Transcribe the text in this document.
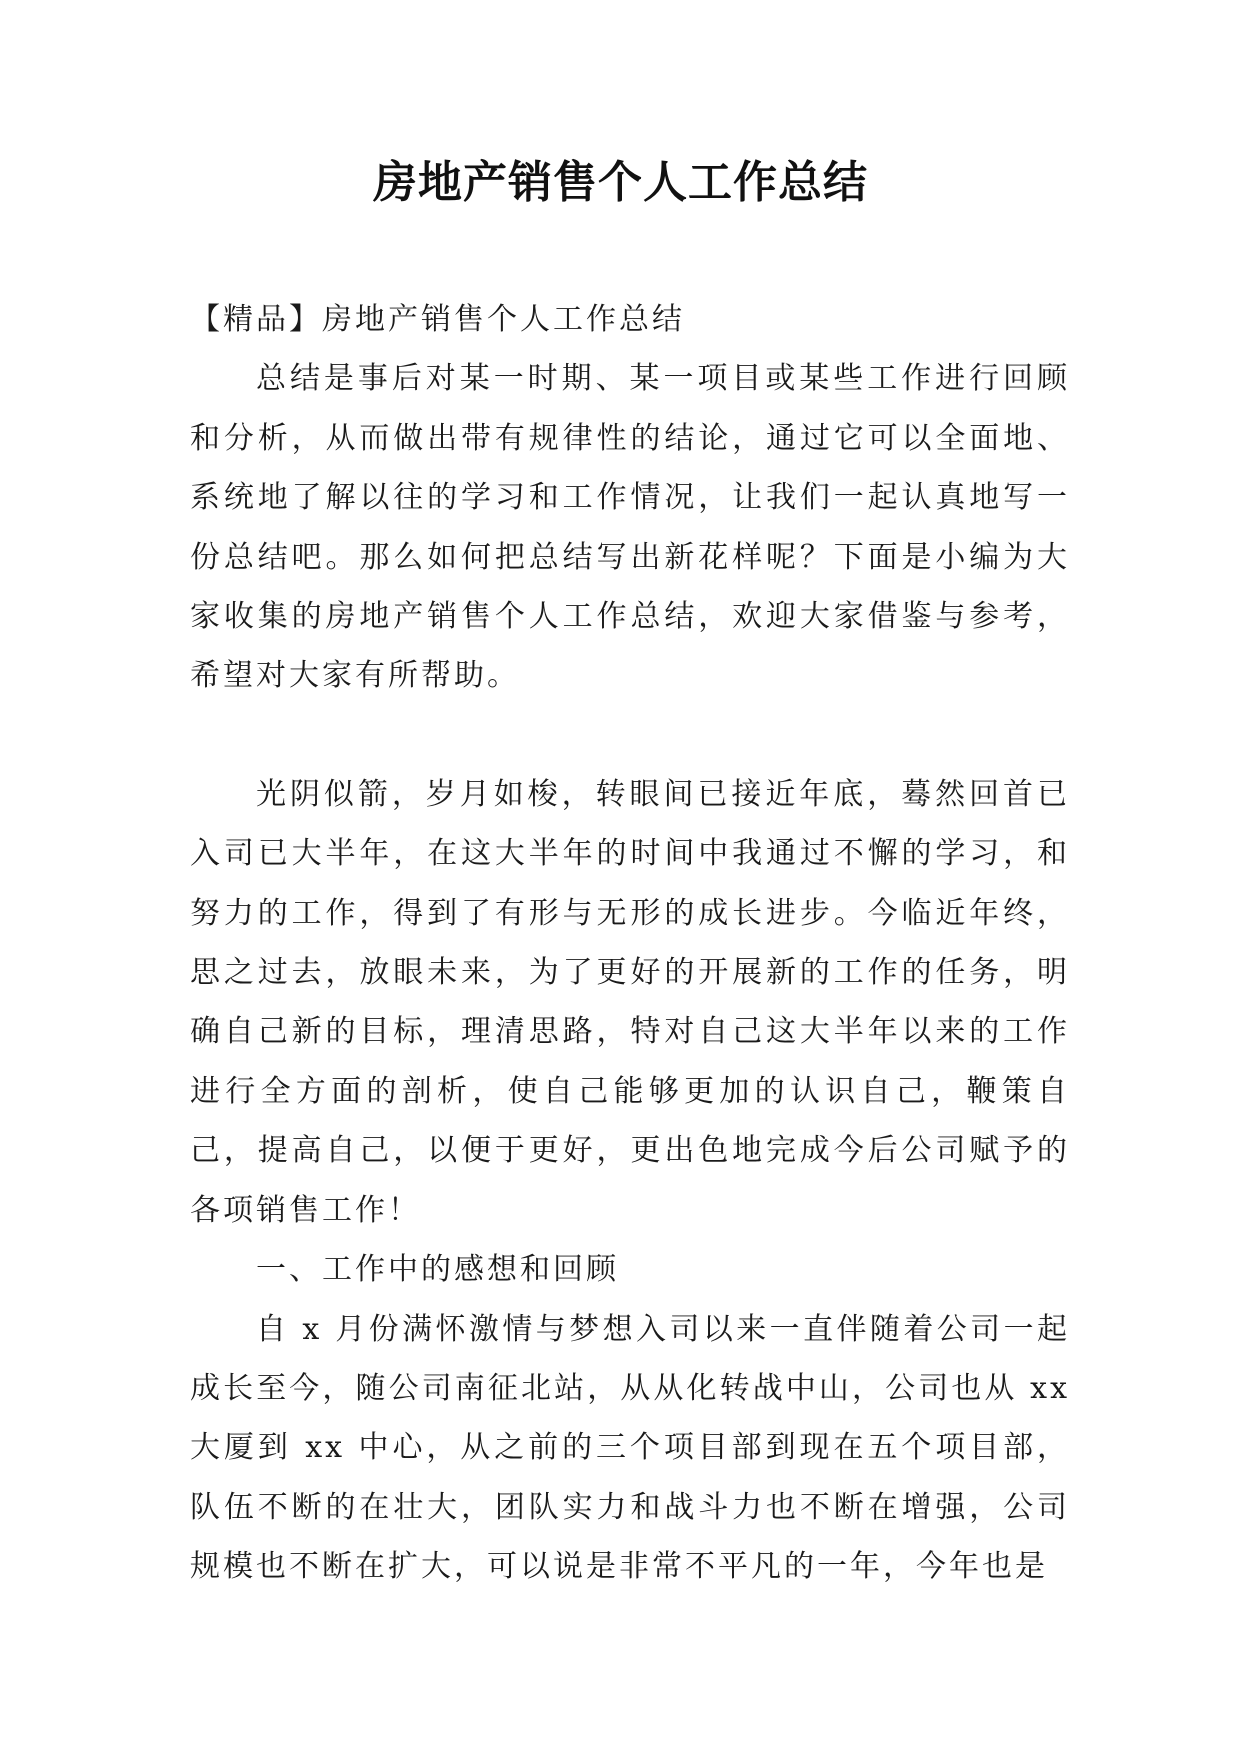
房地产销售个人工作总结

【精品】房地产销售个人工作总结

总结是事后对某一时期、某一项目或某些工作进行回顾和分析，从而做出带有规律性的结论，通过它可以全面地、系统地了解以往的学习和工作情况，让我们一起认真地写一份总结吧。那么如何把总结写出新花样呢？下面是小编为大家收集的房地产销售个人工作总结，欢迎大家借鉴与参考，希望对大家有所帮助。

光阴似箭，岁月如梭，转眼间已接近年底，蓦然回首已入司已大半年，在这大半年的时间中我通过不懈的学习，和努力的工作，得到了有形与无形的成长进步。今临近年终，思之过去，放眼未来，为了更好的开展新的工作的任务，明确自己新的目标，理清思路，特对自己这大半年以来的工作进行全方面的剖析，使自己能够更加的认识自己，鞭策自己，提高自己，以便于更好，更出色地完成今后公司赋予的各项销售工作！

一、工作中的感想和回顾

自 x 月份满怀激情与梦想入司以来一直伴随着公司一起成长至今，随公司南征北站，从从化转战中山，公司也从 xx 大厦到 xx 中心，从之前的三个项目部到现在五个项目部，队伍不断的在壮大，团队实力和战斗力也不断在增强，公司规模也不断在扩大，可以说是非常不平凡的一年，今年也是
